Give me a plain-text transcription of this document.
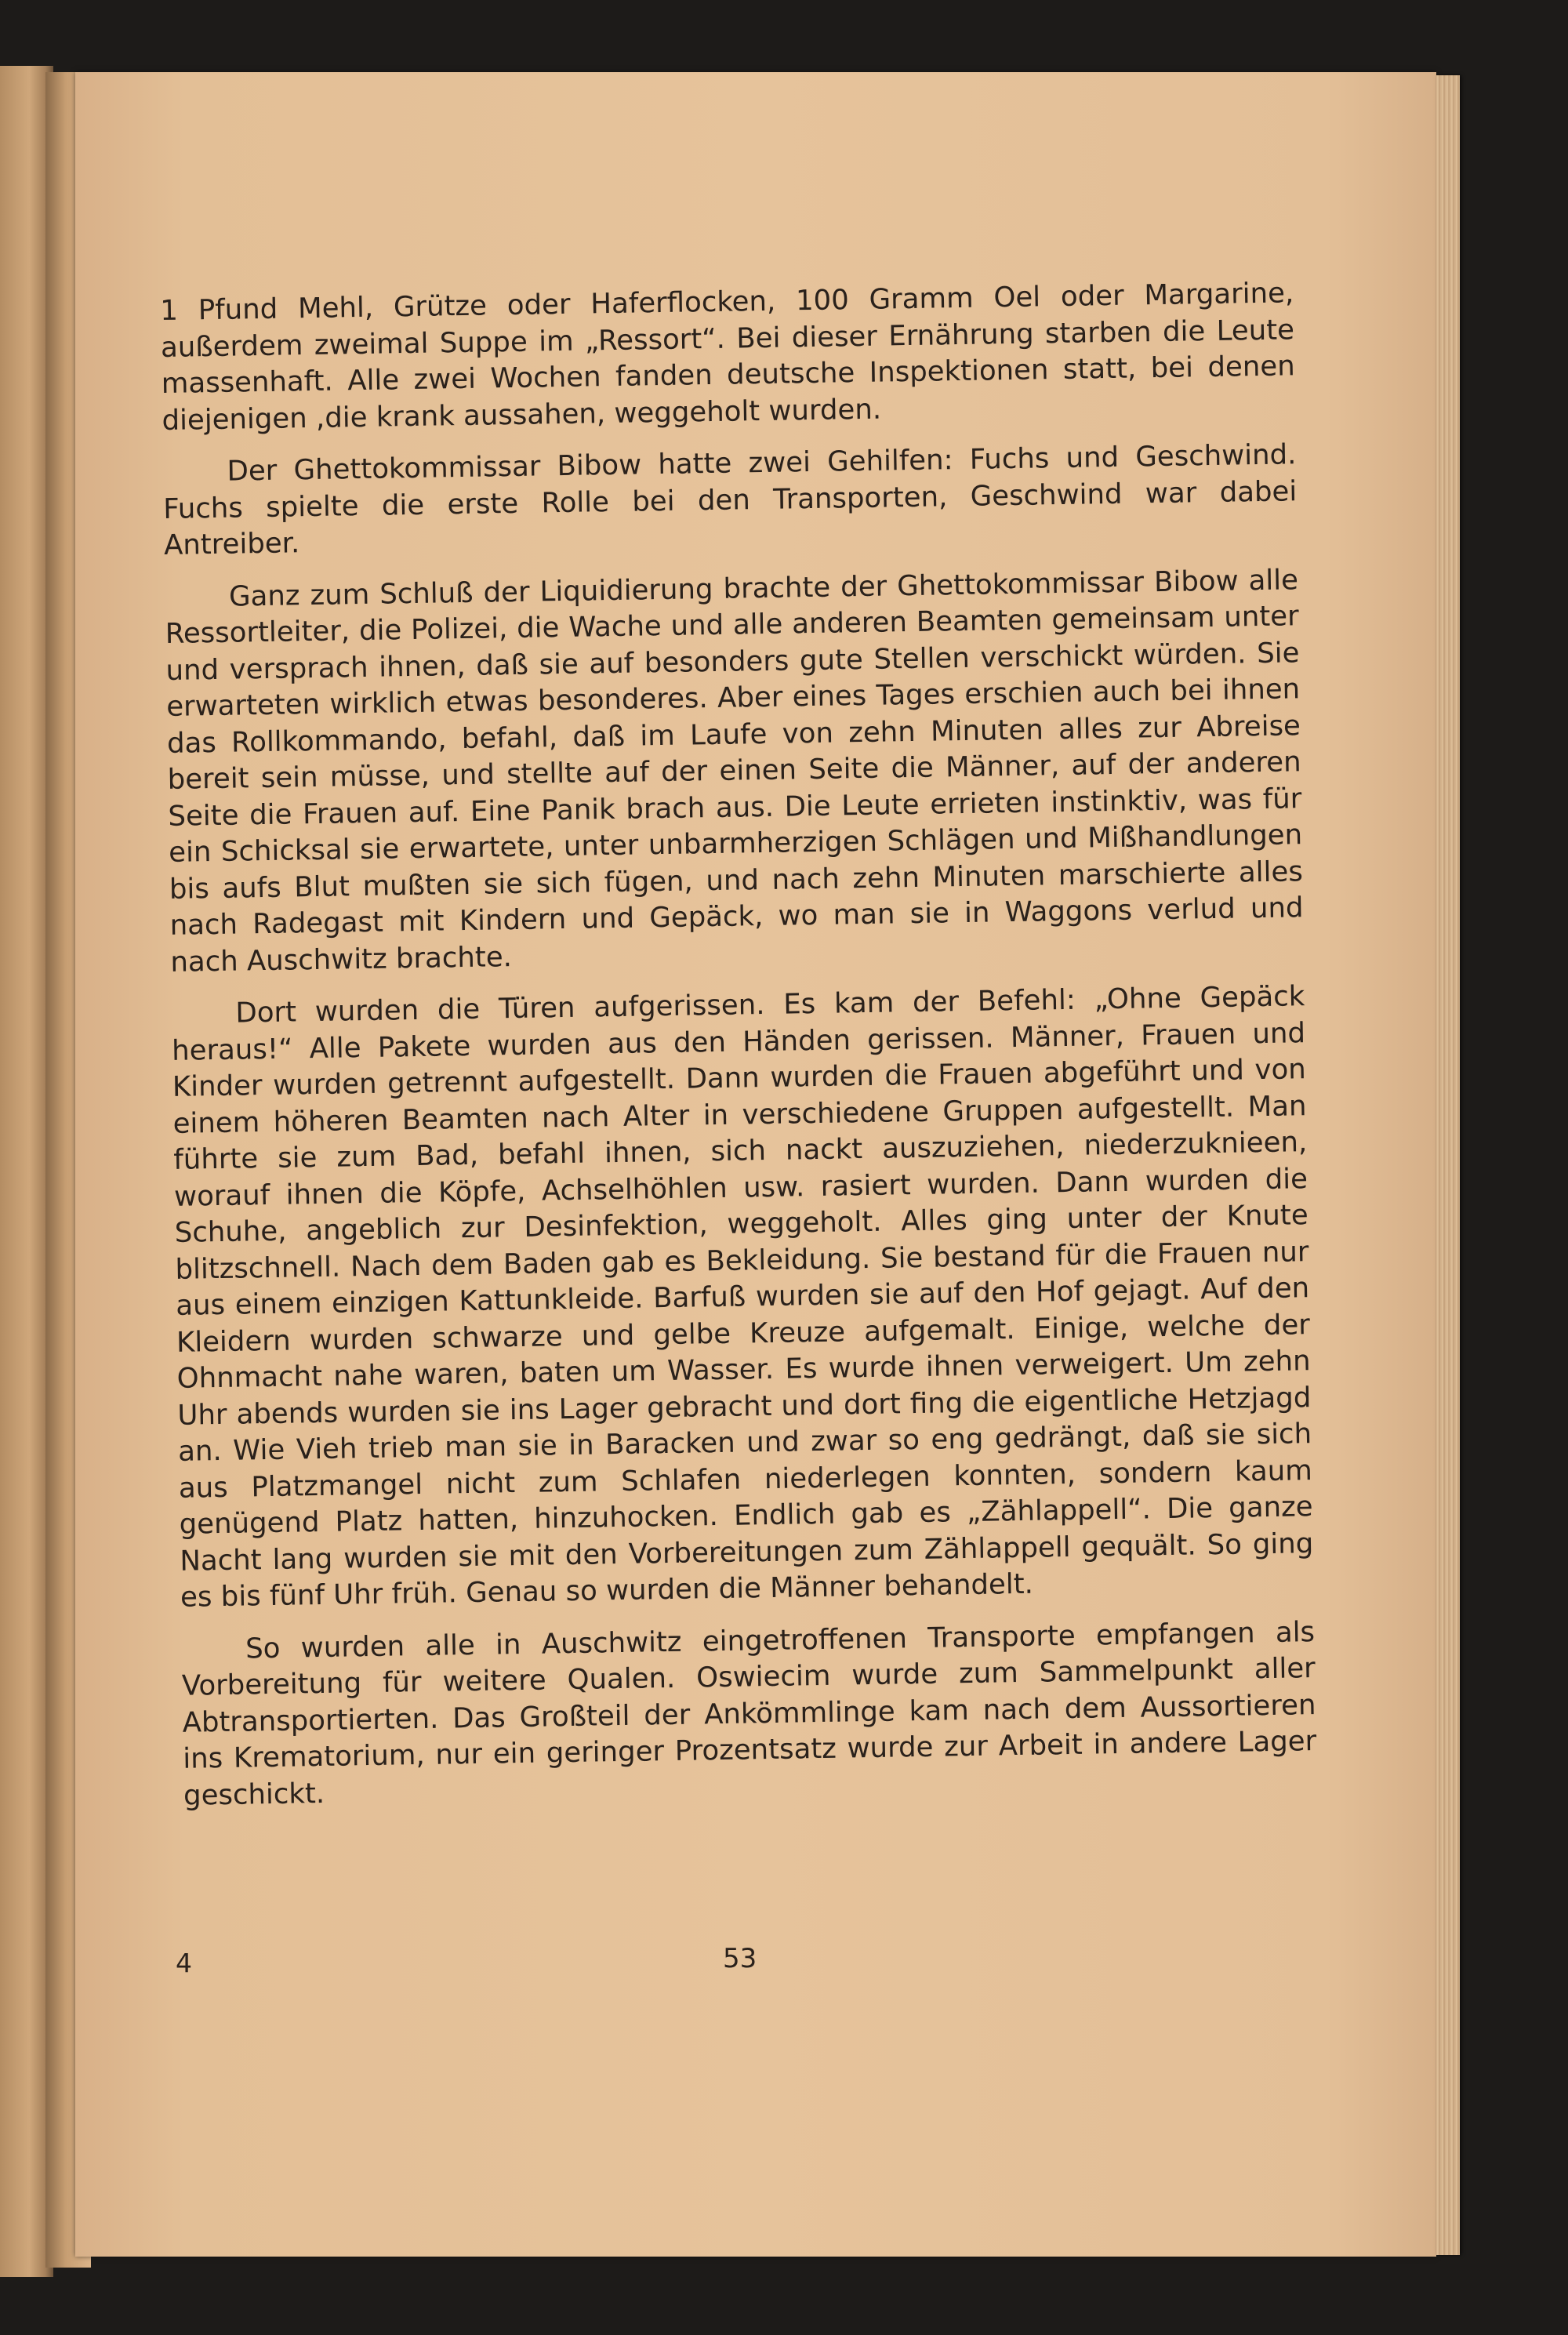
1 Pfund Mehl, Grütze oder Haferflocken, 100 Gramm Oel oder Margarine, außerdem zweimal Suppe im „Ressort“. Bei dieser Ernährung starben die Leute massenhaft. Alle zwei Wochen fanden deutsche Inspektionen statt, bei denen diejenigen ,die krank aussahen, weggeholt wurden.

Der Ghettokommissar Bibow hatte zwei Gehilfen: Fuchs und Geschwind. Fuchs spielte die erste Rolle bei den Transporten, Geschwind war dabei Antreiber.

Ganz zum Schluß der Liquidierung brachte der Ghettokommissar Bibow alle Ressortleiter, die Polizei, die Wache und alle anderen Beamten gemeinsam unter und versprach ihnen, daß sie auf besonders gute Stellen verschickt würden. Sie erwarteten wirklich etwas besonderes. Aber eines Tages erschien auch bei ihnen das Rollkommando, befahl, daß im Laufe von zehn Minuten alles zur Abreise bereit sein müsse, und stellte auf der einen Seite die Männer, auf der anderen Seite die Frauen auf. Eine Panik brach aus. Die Leute errieten instinktiv, was für ein Schicksal sie erwartete, unter unbarmherzigen Schlägen und Mißhandlungen bis aufs Blut mußten sie sich fügen, und nach zehn Minuten marschierte alles nach Radegast mit Kindern und Gepäck, wo man sie in Waggons verlud und nach Auschwitz brachte.

Dort wurden die Türen aufgerissen. Es kam der Befehl: „Ohne Gepäck heraus!“ Alle Pakete wurden aus den Händen gerissen. Männer, Frauen und Kinder wurden getrennt aufgestellt. Dann wurden die Frauen abgeführt und von einem höheren Beamten nach Alter in verschiedene Gruppen aufgestellt. Man führte sie zum Bad, befahl ihnen, sich nackt auszuziehen, niederzuknieen, worauf ihnen die Köpfe, Achselhöhlen usw. rasiert wurden. Dann wurden die Schuhe, angeblich zur Desinfektion, weggeholt. Alles ging unter der Knute blitzschnell. Nach dem Baden gab es Bekleidung. Sie bestand für die Frauen nur aus einem einzigen Kattunkleide. Barfuß wurden sie auf den Hof gejagt. Auf den Kleidern wurden schwarze und gelbe Kreuze aufgemalt. Einige, welche der Ohnmacht nahe waren, baten um Wasser. Es wurde ihnen verweigert. Um zehn Uhr abends wurden sie ins Lager gebracht und dort fing die eigentliche Hetzjagd an. Wie Vieh trieb man sie in Baracken und zwar so eng gedrängt, daß sie sich aus Platzmangel nicht zum Schlafen niederlegen konnten, sondern kaum genügend Platz hatten, hinzuhocken. Endlich gab es „Zählappell“. Die ganze Nacht lang wurden sie mit den Vorbereitungen zum Zählappell gequält. So ging es bis fünf Uhr früh. Genau so wurden die Männer behandelt.

So wurden alle in Auschwitz eingetroffenen Transporte empfangen als Vorbereitung für weitere Qualen. Oswiecim wurde zum Sammelpunkt aller Abtransportierten. Das Großteil der Ankömmlinge kam nach dem Aussortieren ins Krematorium, nur ein geringer Prozentsatz wurde zur Arbeit in andere Lager geschickt.

4	53
